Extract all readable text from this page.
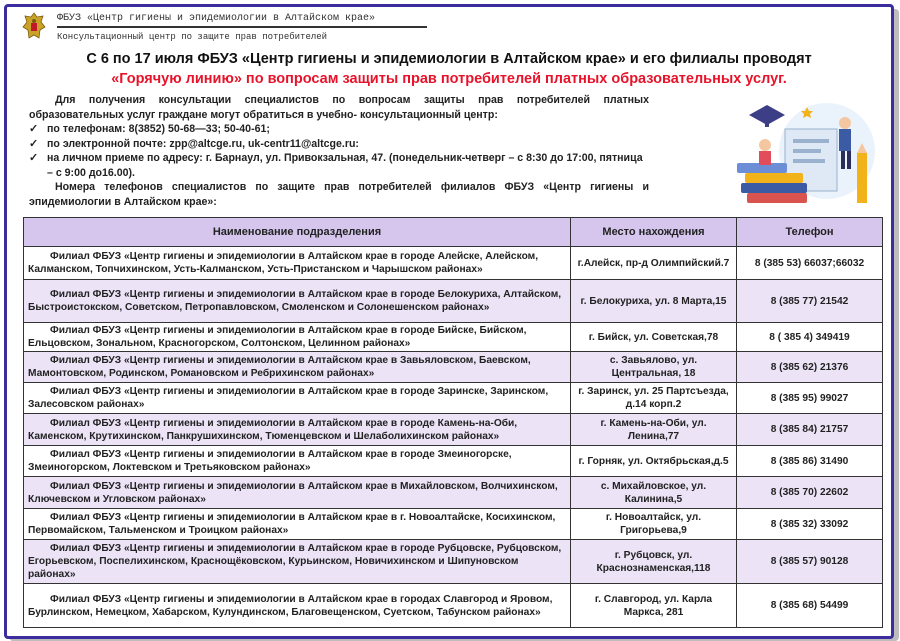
ФБУЗ «Центр гигиены и эпидемиологии в Алтайском крае»
Консультационный центр по защите прав потребителей
С 6 по 17 июля ФБУЗ «Центр гигиены и эпидемиологии в Алтайском крае» и его филиалы проводят
«Горячую линию» по вопросам защиты прав потребителей платных образовательных услуг.

Для получения консультации специалистов по вопросам защиты прав потребителей платных образовательных услуг граждане могут обратиться в учебно- консультационный центр:

✓ по телефонам: 8(3852) 50-68—33; 50-40-61;
✓ по электронной почте: zpp@altcge.ru, uk-centr11@altcge.ru:
✓ на личном приеме по адресу: г. Барнаул, ул. Привокзальная, 47. (понедельник-четверг – с 8:30 до 17:00, пятница – с 9:00 до16.00).

Номера телефонов специалистов по защите прав потребителей филиалов ФБУЗ «Центр гигиены и эпидемиологии в Алтайском крае»:

Наименование подразделения	Место нахождения	Телефон
Филиал ФБУЗ «Центр гигиены и эпидемиологии в Алтайском крае в городе Алейске, Алейском, Калманском, Топчихинском, Усть-Калманском, Усть-Пристанском и Чарышском районах»	г.Алейск, пр-д Олимпийский.7	8 (385 53) 66037;66032
Филиал ФБУЗ «Центр гигиены и эпидемиологии в Алтайском крае в городе Белокуриха, Алтайском, Быстроистокском, Советском, Петропавловском, Смоленском и Солонешенском районах»	г. Белокуриха, ул. 8 Марта,15	8 (385 77) 21542
Филиал ФБУЗ «Центр гигиены и эпидемиологии в Алтайском крае в городе Бийске, Бийском, Ельцовском, Зональном, Красногорском, Солтонском, Целинном районах»	г. Бийск, ул. Советская,78	8 ( 385 4) 349419
Филиал ФБУЗ «Центр гигиены и эпидемиологии в Алтайском крае в Завьяловском, Баевском, Мамонтовском, Родинском, Романовском и Ребрихинском районах»	с. Завьялово, ул. Центральная, 18	8 (385 62) 21376
Филиал ФБУЗ «Центр гигиены и эпидемиологии в Алтайском крае в городе Заринске, Заринском, Залесовском районах»	г. Заринск, ул. 25 Партсъезда, д.14 корп.2	8 (385 95) 99027
Филиал ФБУЗ «Центр гигиены и эпидемиологии в Алтайском крае в городе Камень-на-Оби, Каменском, Крутихинском, Панкрушихинском, Тюменцевском и Шелаболихинском районах»	г. Камень-на-Оби, ул. Ленина,77	8 (385 84) 21757
Филиал ФБУЗ «Центр гигиены и эпидемиологии в Алтайском крае в городе Змеиногорске, Змеиногорском, Локтевском и Третьяковском районах»	г. Горняк, ул. Октябрьская,д.5	8 (385 86) 31490
Филиал ФБУЗ «Центр гигиены и эпидемиологии в Алтайском крае в Михайловском, Волчихинском, Ключевском и Угловском районах»	с. Михайловское, ул. Калинина,5	8 (385 70) 22602
Филиал ФБУЗ «Центр гигиены и эпидемиологии в Алтайском крае в г. Новоалтайске, Косихинском, Первомайском, Тальменском и Троицком районах»	г. Новоалтайск, ул. Григорьева,9	8 (385 32) 33092
Филиал ФБУЗ «Центр гигиены и эпидемиологии в Алтайском крае в городе Рубцовске, Рубцовском, Егорьевском, Поспелихинском, Краснощёковском, Курьинском, Новичихинском и Шипуновском районах»	г. Рубцовск, ул. Краснознаменская,118	8 (385 57) 90128
Филиал ФБУЗ «Центр гигиены и эпидемиологии в Алтайском крае в городах Славгород и Яровом, Бурлинском, Немецком, Хабарском, Кулундинском, Благовещенском, Суетском, Табунском районах»	г. Славгород, ул. Карла Маркса, 281	8 (385 68) 54499
